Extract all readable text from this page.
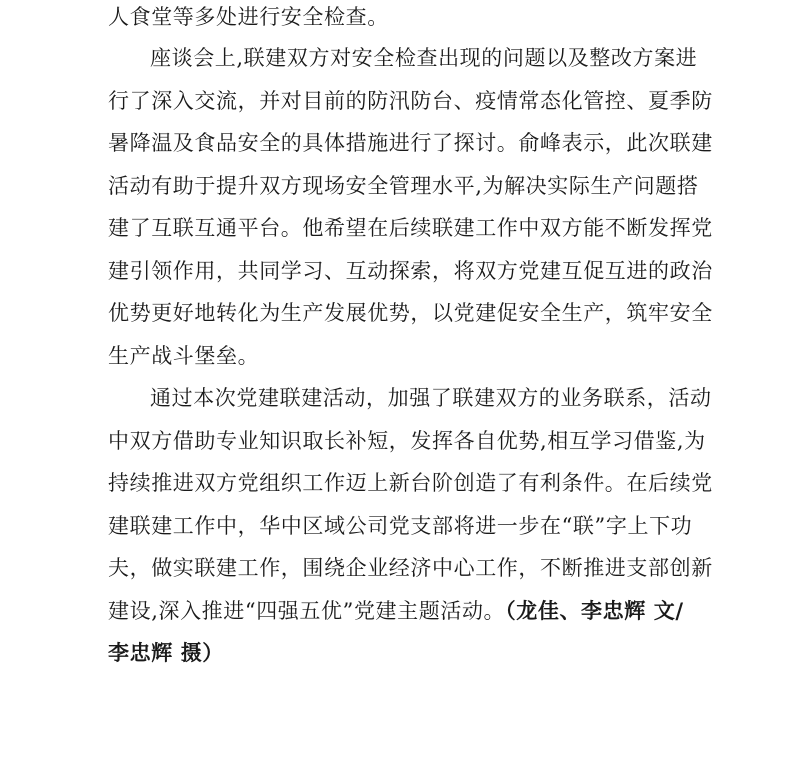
人食堂等多处进行安全检查。
座谈会上,联建双方对安全检查出现的问题以及整改方案进
行了深入交流，并对目前的防汛防台、疫情常态化管控、夏季防
暑降温及食品安全的具体措施进行了探讨。俞峰表示，此次联建
活动有助于提升双方现场安全管理水平,为解决实际生产问题搭
建了互联互通平台。他希望在后续联建工作中双方能不断发挥党
建引领作用，共同学习、互动探索，将双方党建互促互进的政治
优势更好地转化为生产发展优势，以党建促安全生产，筑牢安全
生产战斗堡垒。
通过本次党建联建活动，加强了联建双方的业务联系，活动
中双方借助专业知识取长补短，发挥各自优势,相互学习借鉴,为
持续推进双方党组织工作迈上新台阶创造了有利条件。在后续党
建联建工作中，华中区域公司党支部将进一步在“联”字上下功
夫，做实联建工作，围绕企业经济中心工作，不断推进支部创新
建设,深入推进“四强五优”党建主题活动。（龙佳、李忠辉 文/
李忠辉 摄）
